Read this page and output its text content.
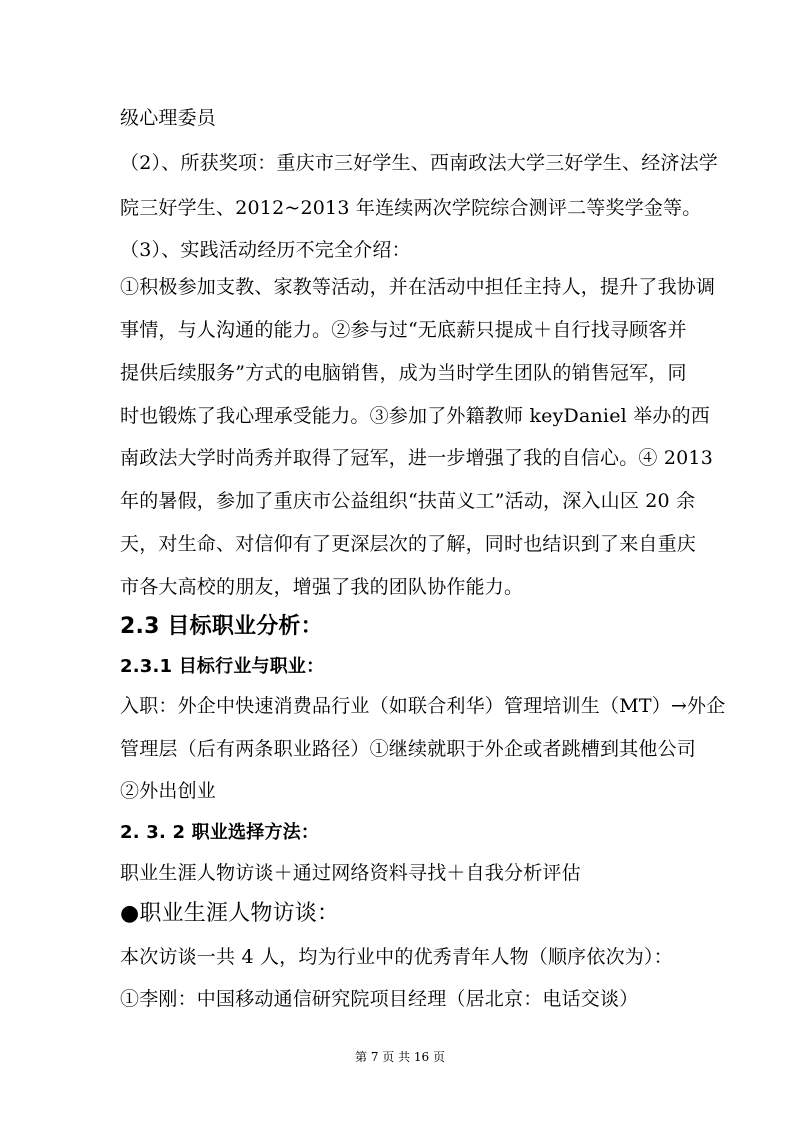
级心理委员
（2）、所获奖项：重庆市三好学生、西南政法大学三好学生、经济法学
院三好学生、2012~2013 年连续两次学院综合测评二等奖学金等。
（3）、实践活动经历不完全介绍：
①积极参加支教、家教等活动，并在活动中担任主持人，提升了我协调
事情，与人沟通的能力。②参与过“无底薪只提成＋自行找寻顾客并
提供后续服务”方式的电脑销售，成为当时学生团队的销售冠军，同
时也锻炼了我心理承受能力。③参加了外籍教师 keyDaniel 举办的西
南政法大学时尚秀并取得了冠军，进一步增强了我的自信心。④ 2013
年的暑假，参加了重庆市公益组织“扶苗义工”活动，深入山区 20 余
天，对生命、对信仰有了更深层次的了解，同时也结识到了来自重庆
市各大高校的朋友，增强了我的团队协作能力。
2.3 目标职业分析：
2.3.1 目标行业与职业：
入职：外企中快速消费品行业（如联合利华）管理培训生（MT）→外企
管理层（后有两条职业路径）①继续就职于外企或者跳槽到其他公司
②外出创业
2. 3. 2 职业选择方法：
职业生涯人物访谈＋通过网络资料寻找＋自我分析评估
●职业生涯人物访谈：
本次访谈一共 4 人，均为行业中的优秀青年人物（顺序依次为）：
①李刚：中国移动通信研究院项目经理（居北京：电话交谈）
第 7 页 共 16 页
